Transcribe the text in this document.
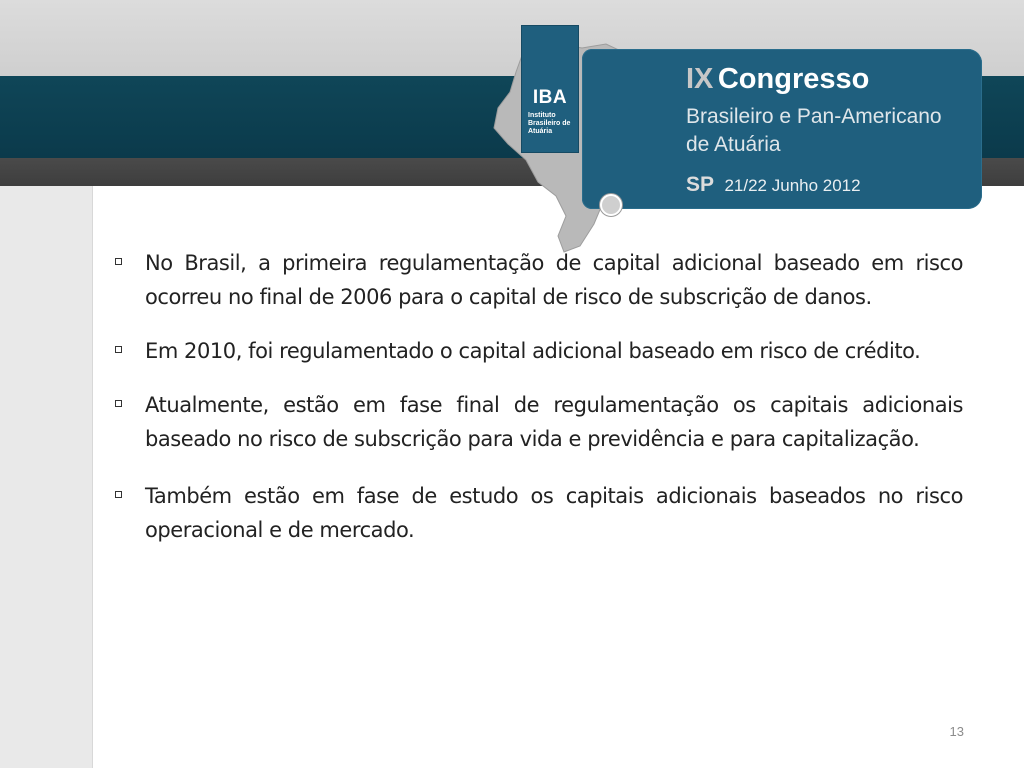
IBA
Instituto Brasileiro de Atuária
IX Congresso
Brasileiro e Pan-Americano
de Atuária
SP 21/22 Junho 2012
No Brasil, a primeira regulamentação de capital adicional baseado em risco ocorreu no final de 2006 para o capital de risco de subscrição de danos.
Em 2010, foi regulamentado o capital adicional baseado em risco de crédito.
Atualmente, estão em fase final de regulamentação os capitais adicionais baseado no risco de subscrição para vida e previdência e para capitalização.
Também estão em fase de estudo os capitais adicionais baseados no risco operacional e de mercado.
13
